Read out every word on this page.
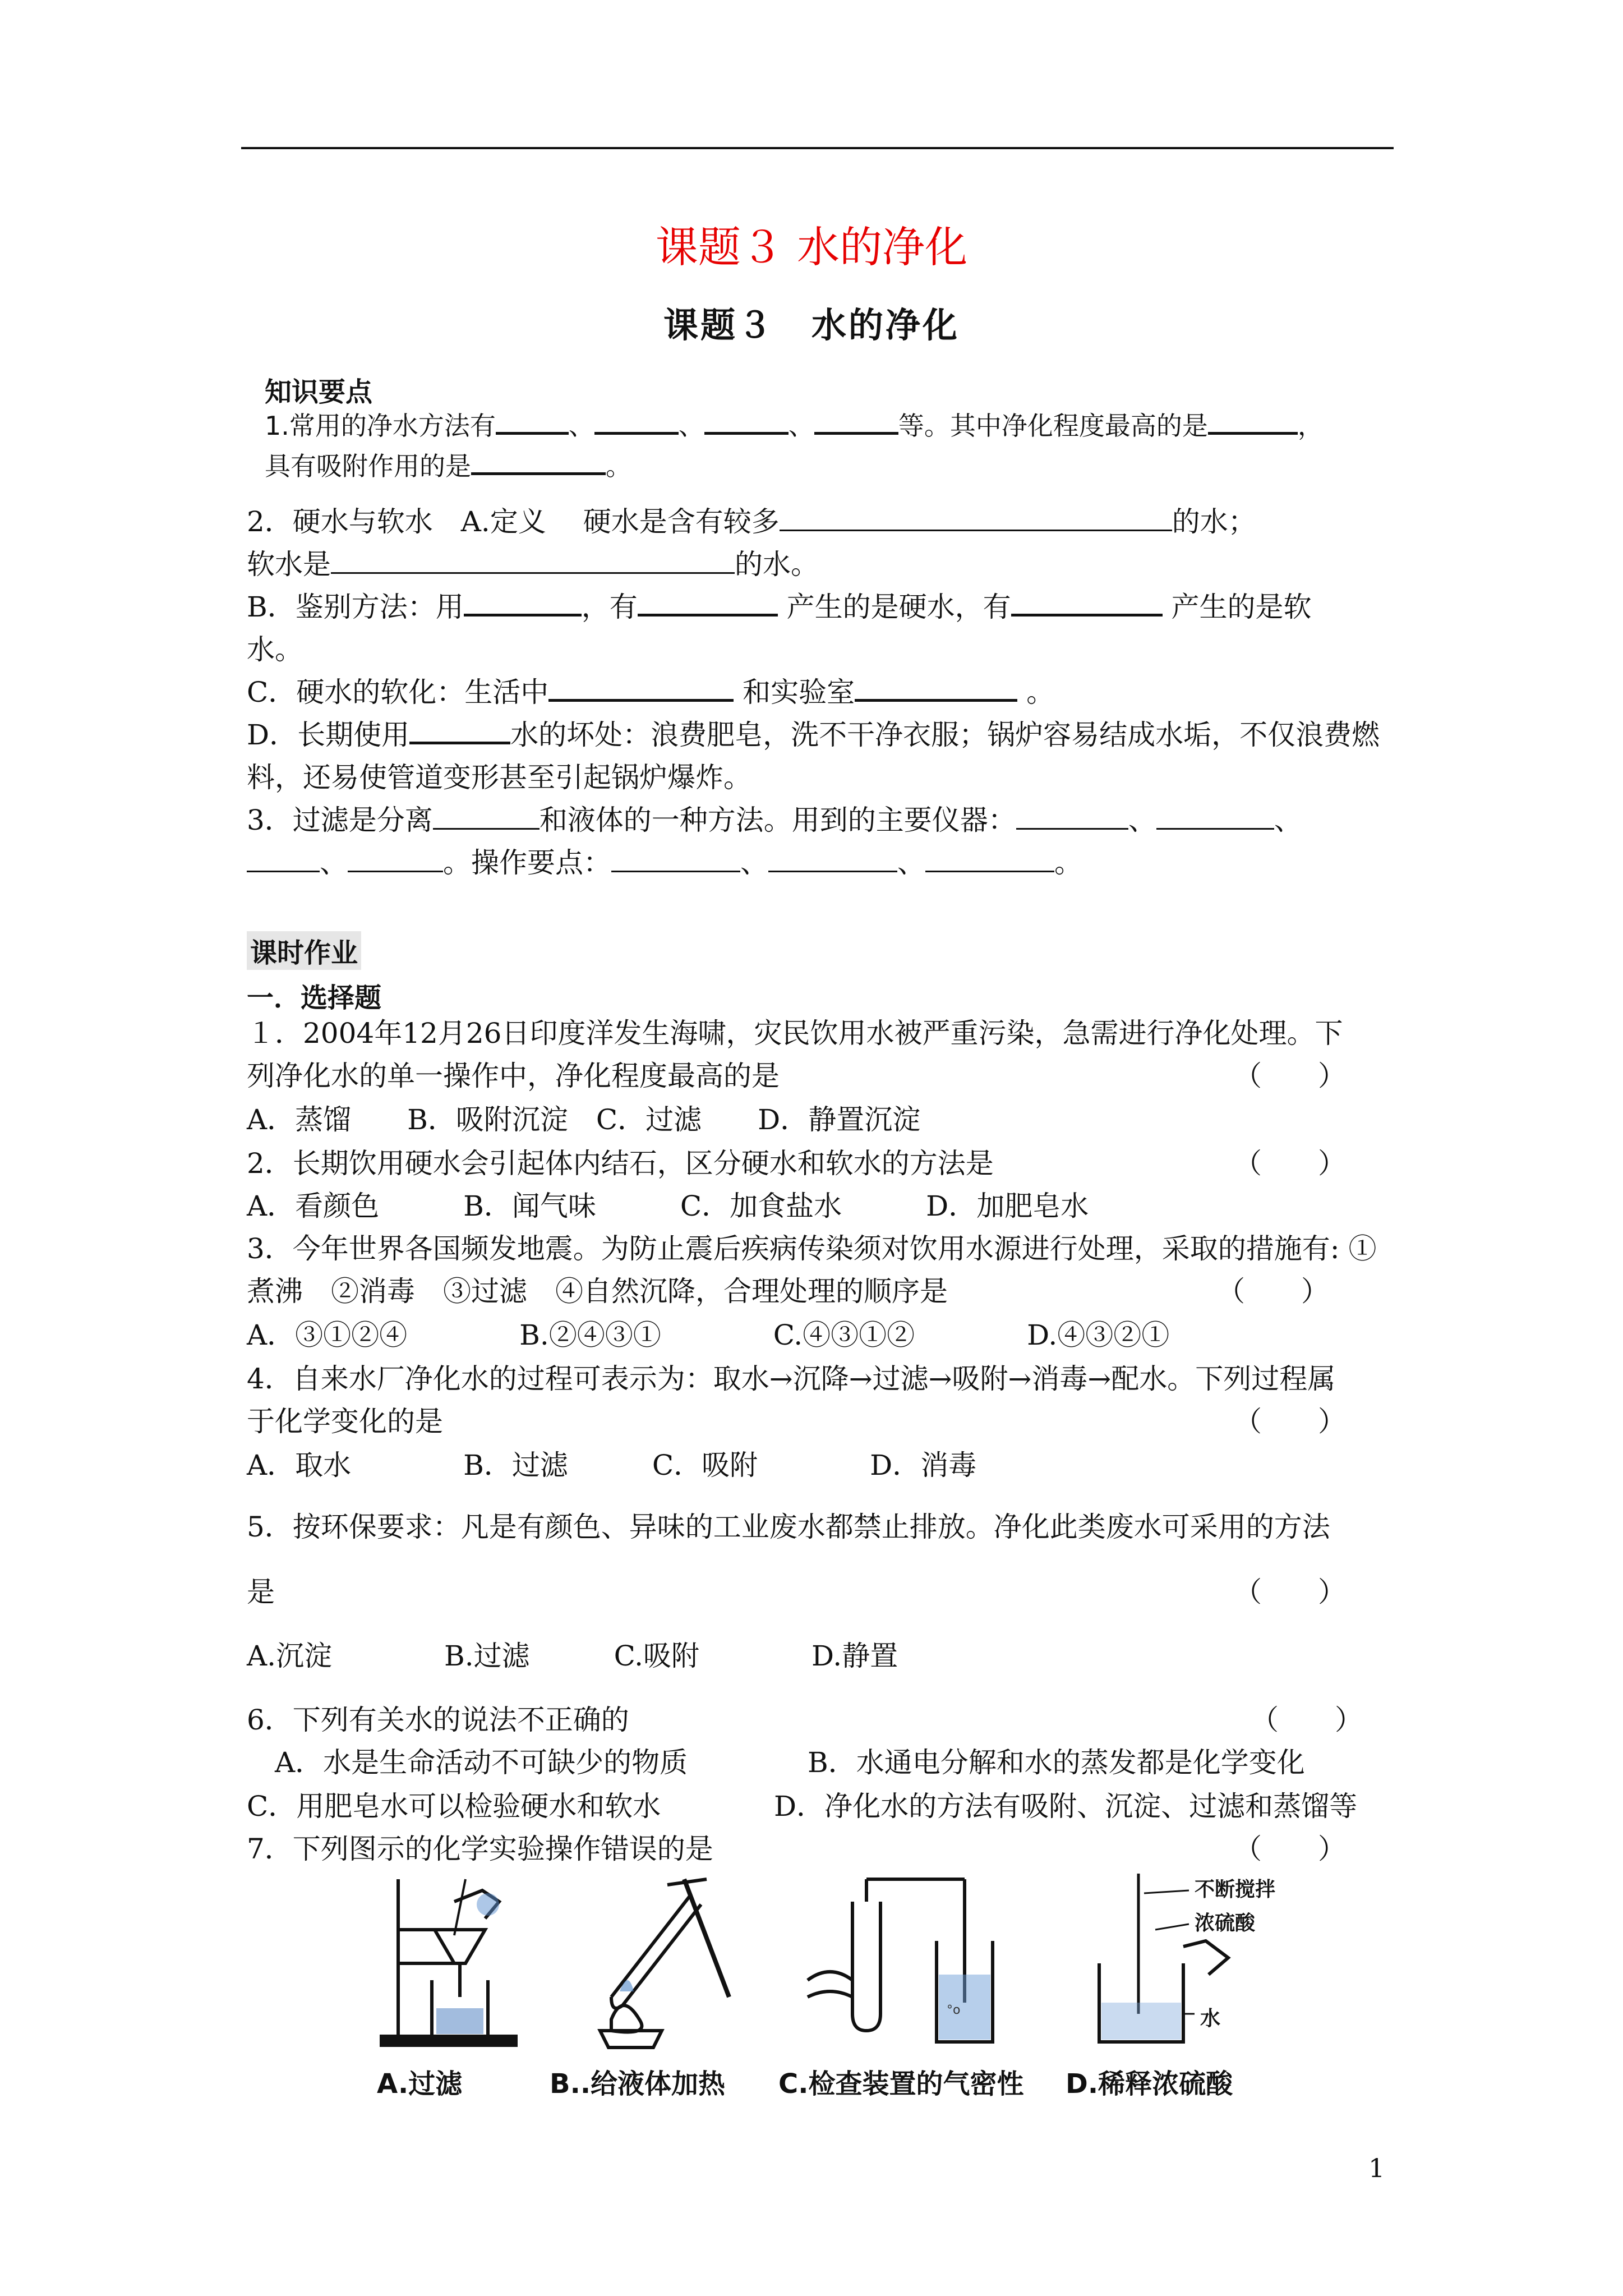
课题３ 水的净化
课题３　水的净化
知识要点
1.常用的净水方法有	、	、	、	等。其中净化程度最高的是	，
具有吸附作用的是	。
2．硬水与软水　A.定义　 硬水是含有较多	的水；
软水是	的水。
B．鉴别方法：用	，有	产生的是硬水，有	产生的是软
水。
C．硬水的软化：生活中	和实验室	。
D．长期使用	水的坏处：浪费肥皂，洗不干净衣服；锅炉容易结成水垢，不仅浪费燃
料，还易使管道变形甚至引起锅炉爆炸。
3．过滤是分离	和液体的一种方法。用到的主要仪器：	、	、
、	。操作要点：	、	、	。
课时作业
一．选择题
１．2004年12月26日印度洋发生海啸，灾民饮用水被严重污染，急需进行净化处理。下
列净化水的单一操作中，净化程度最高的是	（　　）
A．蒸馏　　B．吸附沉淀　C．过滤　　D．静置沉淀
2．长期饮用硬水会引起体内结石，区分硬水和软水的方法是	（　　）
A．看颜色　　　B．闻气味　　　C．加食盐水　　　D．加肥皂水
3．今年世界各国频发地震。为防止震后疾病传染须对饮用水源进行处理，采取的措施有: ①
煮沸　②消毒　③过滤　④自然沉降，合理处理的顺序是	（　　）
A．③①②④　　　　B.②④③①　　　　C.④③①②　　　　D.④③②①
4．自来水厂净化水的过程可表示为：取水→沉降→过滤→吸附→消毒→配水。下列过程属
于化学变化的是	（　　）
A．取水　　　　B．过滤　　　C．吸附　　　　D．消毒
5．按环保要求：凡是有颜色、异味的工业废水都禁止排放。净化此类废水可采用的方法
是	（　　）
A.沉淀　　　　B.过滤　　　C.吸附　　　　D.静置
6．下列有关水的说法不正确的	（　　）
A．水是生命活动不可缺少的物质	B．水通电分解和水的蒸发都是化学变化
C．用肥皂水可以检验硬水和软水	D．净化水的方法有吸附、沉淀、过滤和蒸馏等
7．下列图示的化学实验操作错误的是	（　　）
A.过滤	B..给液体加热
°o
C.检查装置的气密性
不断搅拌
浓硫酸
水
D.稀释浓硫酸
1
